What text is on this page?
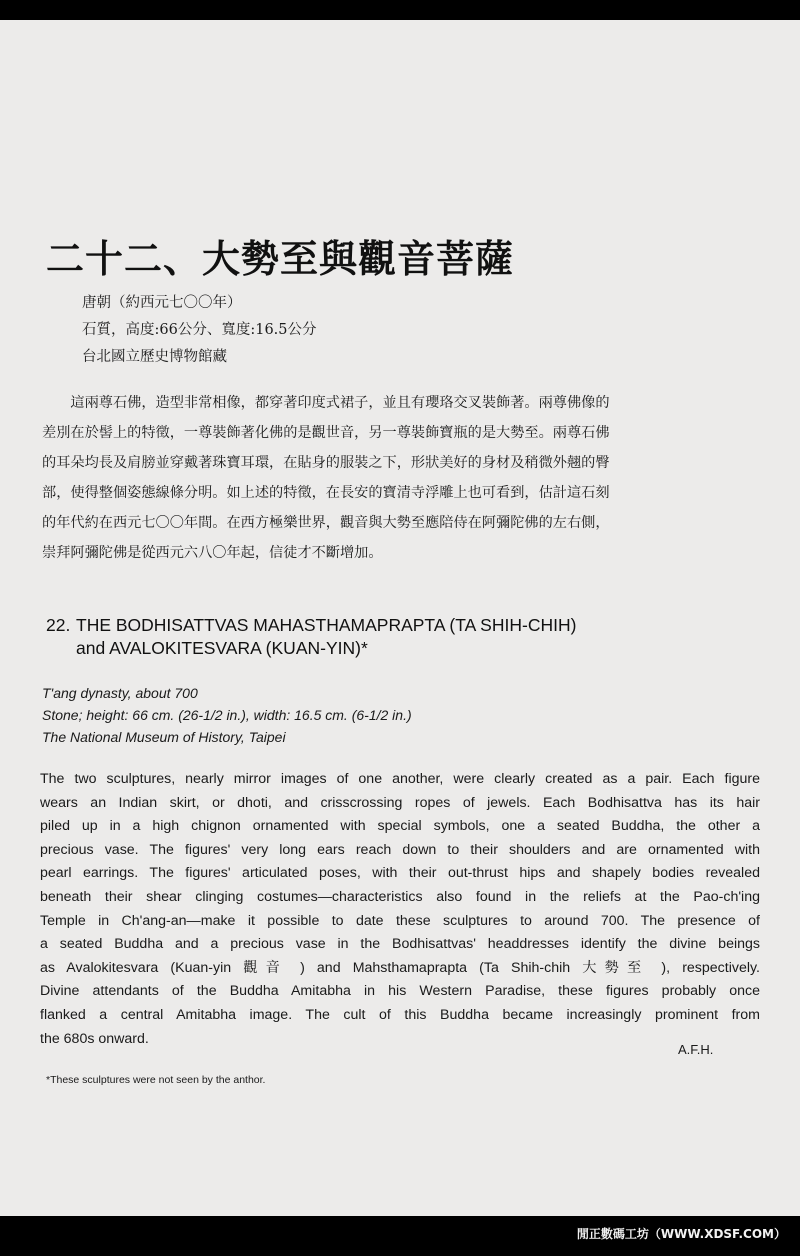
二十二、大勢至與觀音菩薩
唐朝（約西元七〇〇年）
石質，高度:66公分、寬度:16.5公分
台北國立歷史博物館藏
　　這兩尊石佛，造型非常相像，都穿著印度式裙子，並且有瓔珞交叉裝飾著。兩尊佛像的
差別在於髻上的特徵，一尊裝飾著化佛的是觀世音，另一尊裝飾寶瓶的是大勢至。兩尊石佛
的耳朵均長及肩膀並穿戴著珠寶耳環，在貼身的服裝之下，形狀美好的身材及稍微外翹的臀
部，使得整個姿態線條分明。如上述的特徵，在長安的寶清寺浮雕上也可看到，估計這石刻
的年代約在西元七〇〇年間。在西方極樂世界，觀音與大勢至應陪侍在阿彌陀佛的左右側，
崇拜阿彌陀佛是從西元六八〇年起，信徒才不斷增加。
22. THE BODHISATTVAS MAHASTHAMAPRAPTA (TA SHIH-CHIH)
and AVALOKITESVARA (KUAN-YIN)*
T'ang dynasty, about 700
Stone; height: 66 cm. (26-1/2 in.), width: 16.5 cm. (6-1/2 in.)
The National Museum of History, Taipei
The two sculptures, nearly mirror images of one another, were clearly created as a pair. Each figure
wears an Indian skirt, or dhoti, and crisscrossing ropes of jewels. Each Bodhisattva has its hair
piled up in a high chignon ornamented with special symbols, one a seated Buddha, the other a
precious vase. The figures' very long ears reach down to their shoulders and are ornamented with
pearl earrings. The figures' articulated poses, with their out-thrust hips and shapely bodies revealed
beneath their shear clinging costumes—characteristics also found in the reliefs at the Pao-ch'ing
Temple in Ch'ang-an—make it possible to date these sculptures to around 700. The presence of
a seated Buddha and a precious vase in the Bodhisattvas' headdresses identify the divine beings
as Avalokitesvara (Kuan-yin 觀音 ) and Mahsthamaprapta (Ta Shih-chih 大勢至 ), respectively.
Divine attendants of the Buddha Amitabha in his Western Paradise, these figures probably once
flanked a central Amitabha image. The cult of this Buddha became increasingly prominent from
the 680s onward.
A.F.H.
*These sculptures were not seen by the anthor.
閒正數碼工坊（WWW.XDSF.COM）
